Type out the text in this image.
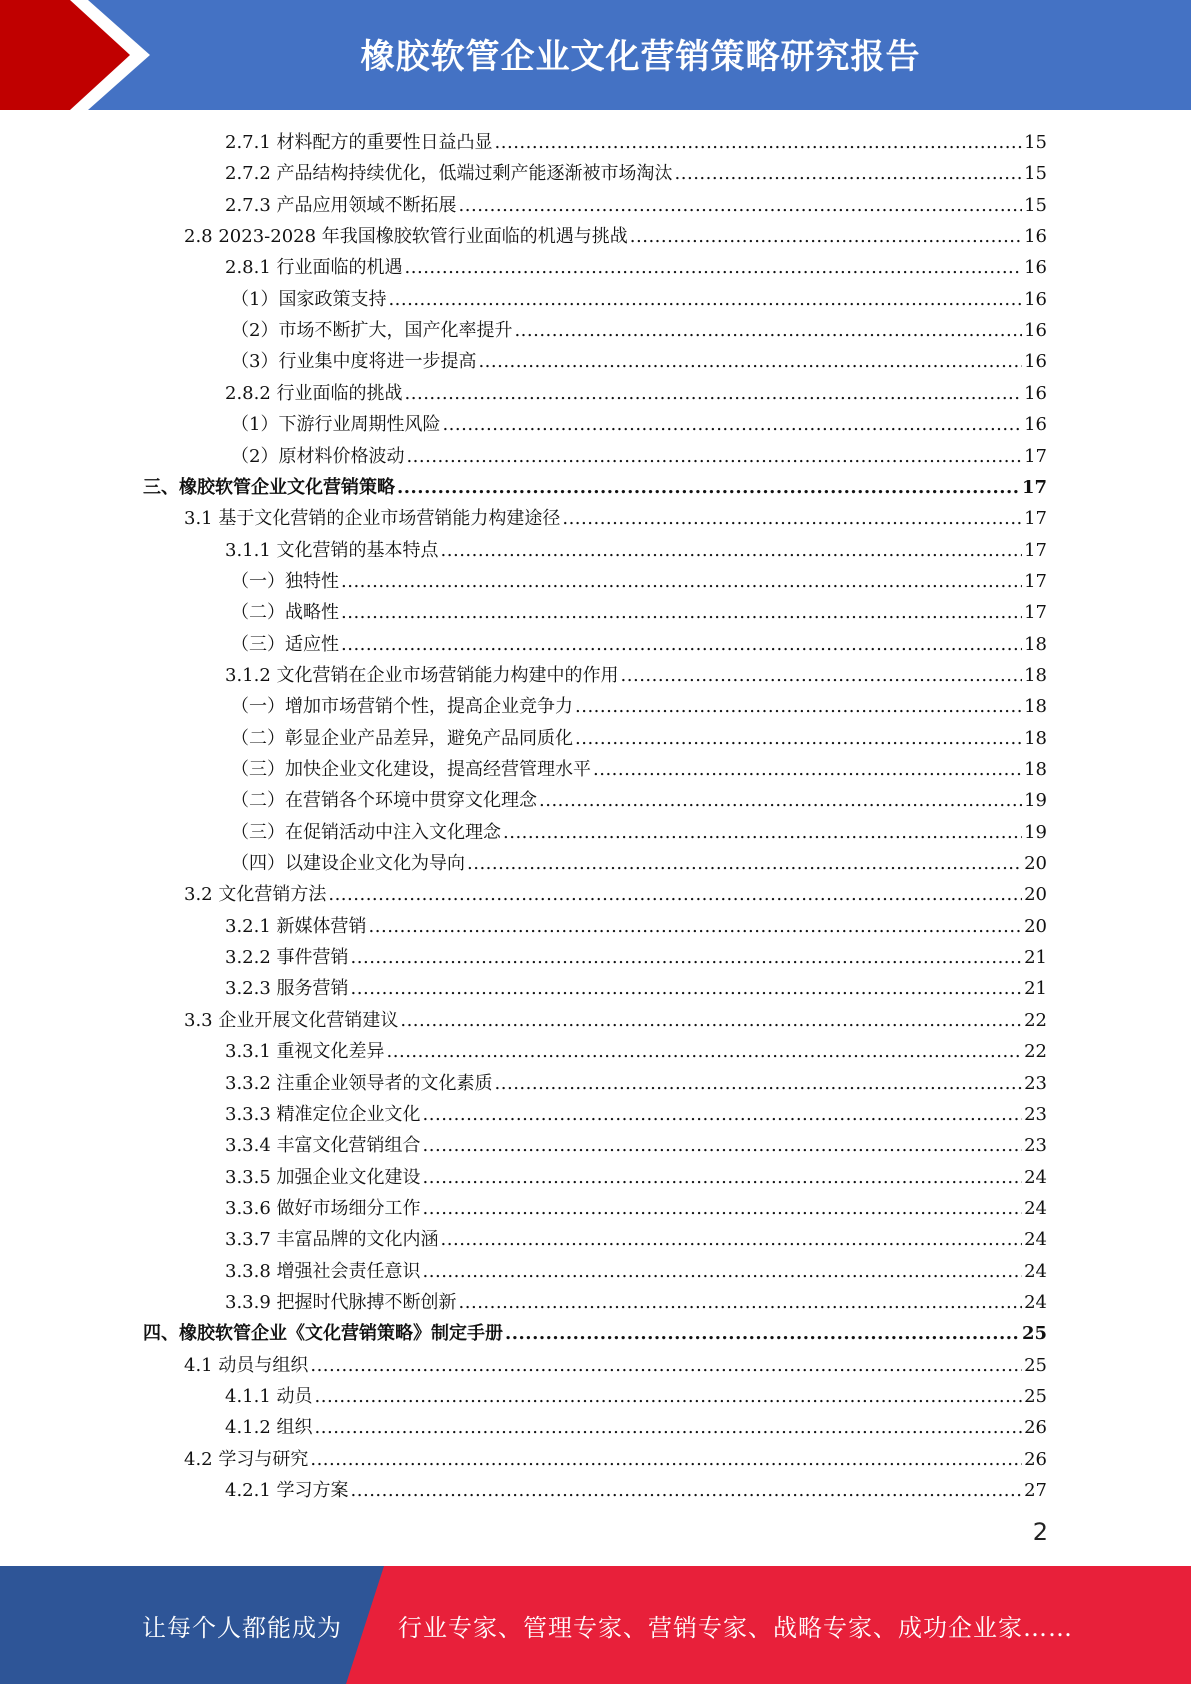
橡胶软管企业文化营销策略研究报告
2.7.1 材料配方的重要性日益凸显 .....	15
2.7.2 产品结构持续优化，低端过剩产能逐渐被市场淘汰 .....	15
2.7.3 产品应用领域不断拓展 .....	15
2.8 2023-2028 年我国橡胶软管行业面临的机遇与挑战 .....	16
2.8.1 行业面临的机遇 .....	16
（1）国家政策支持 .....	16
（2）市场不断扩大，国产化率提升 .....	16
（3）行业集中度将进一步提高 .....	16
2.8.2 行业面临的挑战 .....	16
（1）下游行业周期性风险 .....	16
（2）原材料价格波动 .....	17
三、橡胶软管企业文化营销策略 .....	17
3.1 基于文化营销的企业市场营销能力构建途径 .....	17
3.1.1 文化营销的基本特点 .....	17
（一）独特性 .....	17
（二）战略性 .....	17
（三）适应性 .....	18
3.1.2 文化营销在企业市场营销能力构建中的作用 .....	18
（一）增加市场营销个性，提高企业竞争力 .....	18
（二）彰显企业产品差异，避免产品同质化 .....	18
（三）加快企业文化建设，提高经营管理水平 .....	18
（二）在营销各个环境中贯穿文化理念 .....	19
（三）在促销活动中注入文化理念 .....	19
（四）以建设企业文化为导向 .....	20
3.2 文化营销方法 .....	20
3.2.1 新媒体营销 .....	20
3.2.2 事件营销 .....	21
3.2.3 服务营销 .....	21
3.3 企业开展文化营销建议 .....	22
3.3.1 重视文化差异 .....	22
3.3.2 注重企业领导者的文化素质 .....	23
3.3.3 精准定位企业文化 .....	23
3.3.4 丰富文化营销组合 .....	23
3.3.5 加强企业文化建设 .....	24
3.3.6 做好市场细分工作 .....	24
3.3.7 丰富品牌的文化内涵 .....	24
3.3.8 增强社会责任意识 .....	24
3.3.9 把握时代脉搏不断创新 .....	24
四、橡胶软管企业《文化营销策略》制定手册 .....	25
4.1 动员与组织 .....	25
4.1.1 动员 .....	25
4.1.2 组织 .....	26
4.2 学习与研究 .....	26
4.2.1 学习方案 .....	27
2
让每个人都能成为 行业专家、管理专家、营销专家、战略专家、成功企业家……
